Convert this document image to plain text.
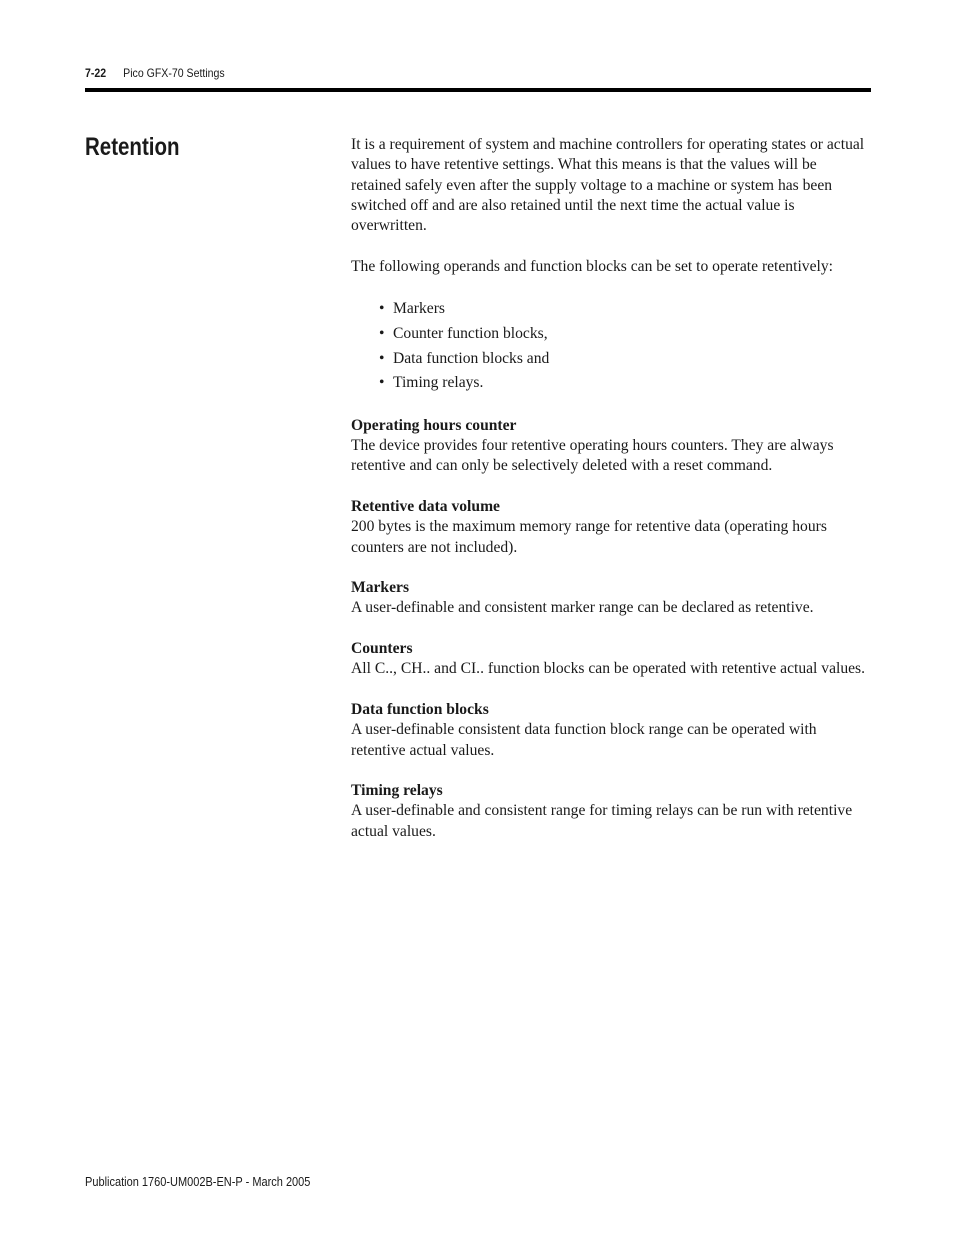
7-22 Pico GFX-70 Settings
Retention	It is a requirement of system and machine controllers for operating states or actual values to have retentive settings. What this means is that the values will be retained safely even after the supply voltage to a machine or system has been switched off and are also retained until the next time the actual value is overwritten.

The following operands and function blocks can be set to operate retentively:

• Markers
• Counter function blocks,
• Data function blocks and
• Timing relays.
Operating hours counter

The device provides four retentive operating hours counters. They are always retentive and can only be selectively deleted with a reset command.

Retentive data volume

200 bytes is the maximum memory range for retentive data (operating hours counters are not included).

Markers

A user-definable and consistent marker range can be declared as retentive.

Counters

All C.., CH.. and CI.. function blocks can be operated with retentive actual values.

Data function blocks

A user-definable consistent data function block range can be operated with retentive actual values.

Timing relays

A user-definable and consistent range for timing relays can be run with retentive actual values.

Publication 1760-UM002B-EN-P - March 2005
